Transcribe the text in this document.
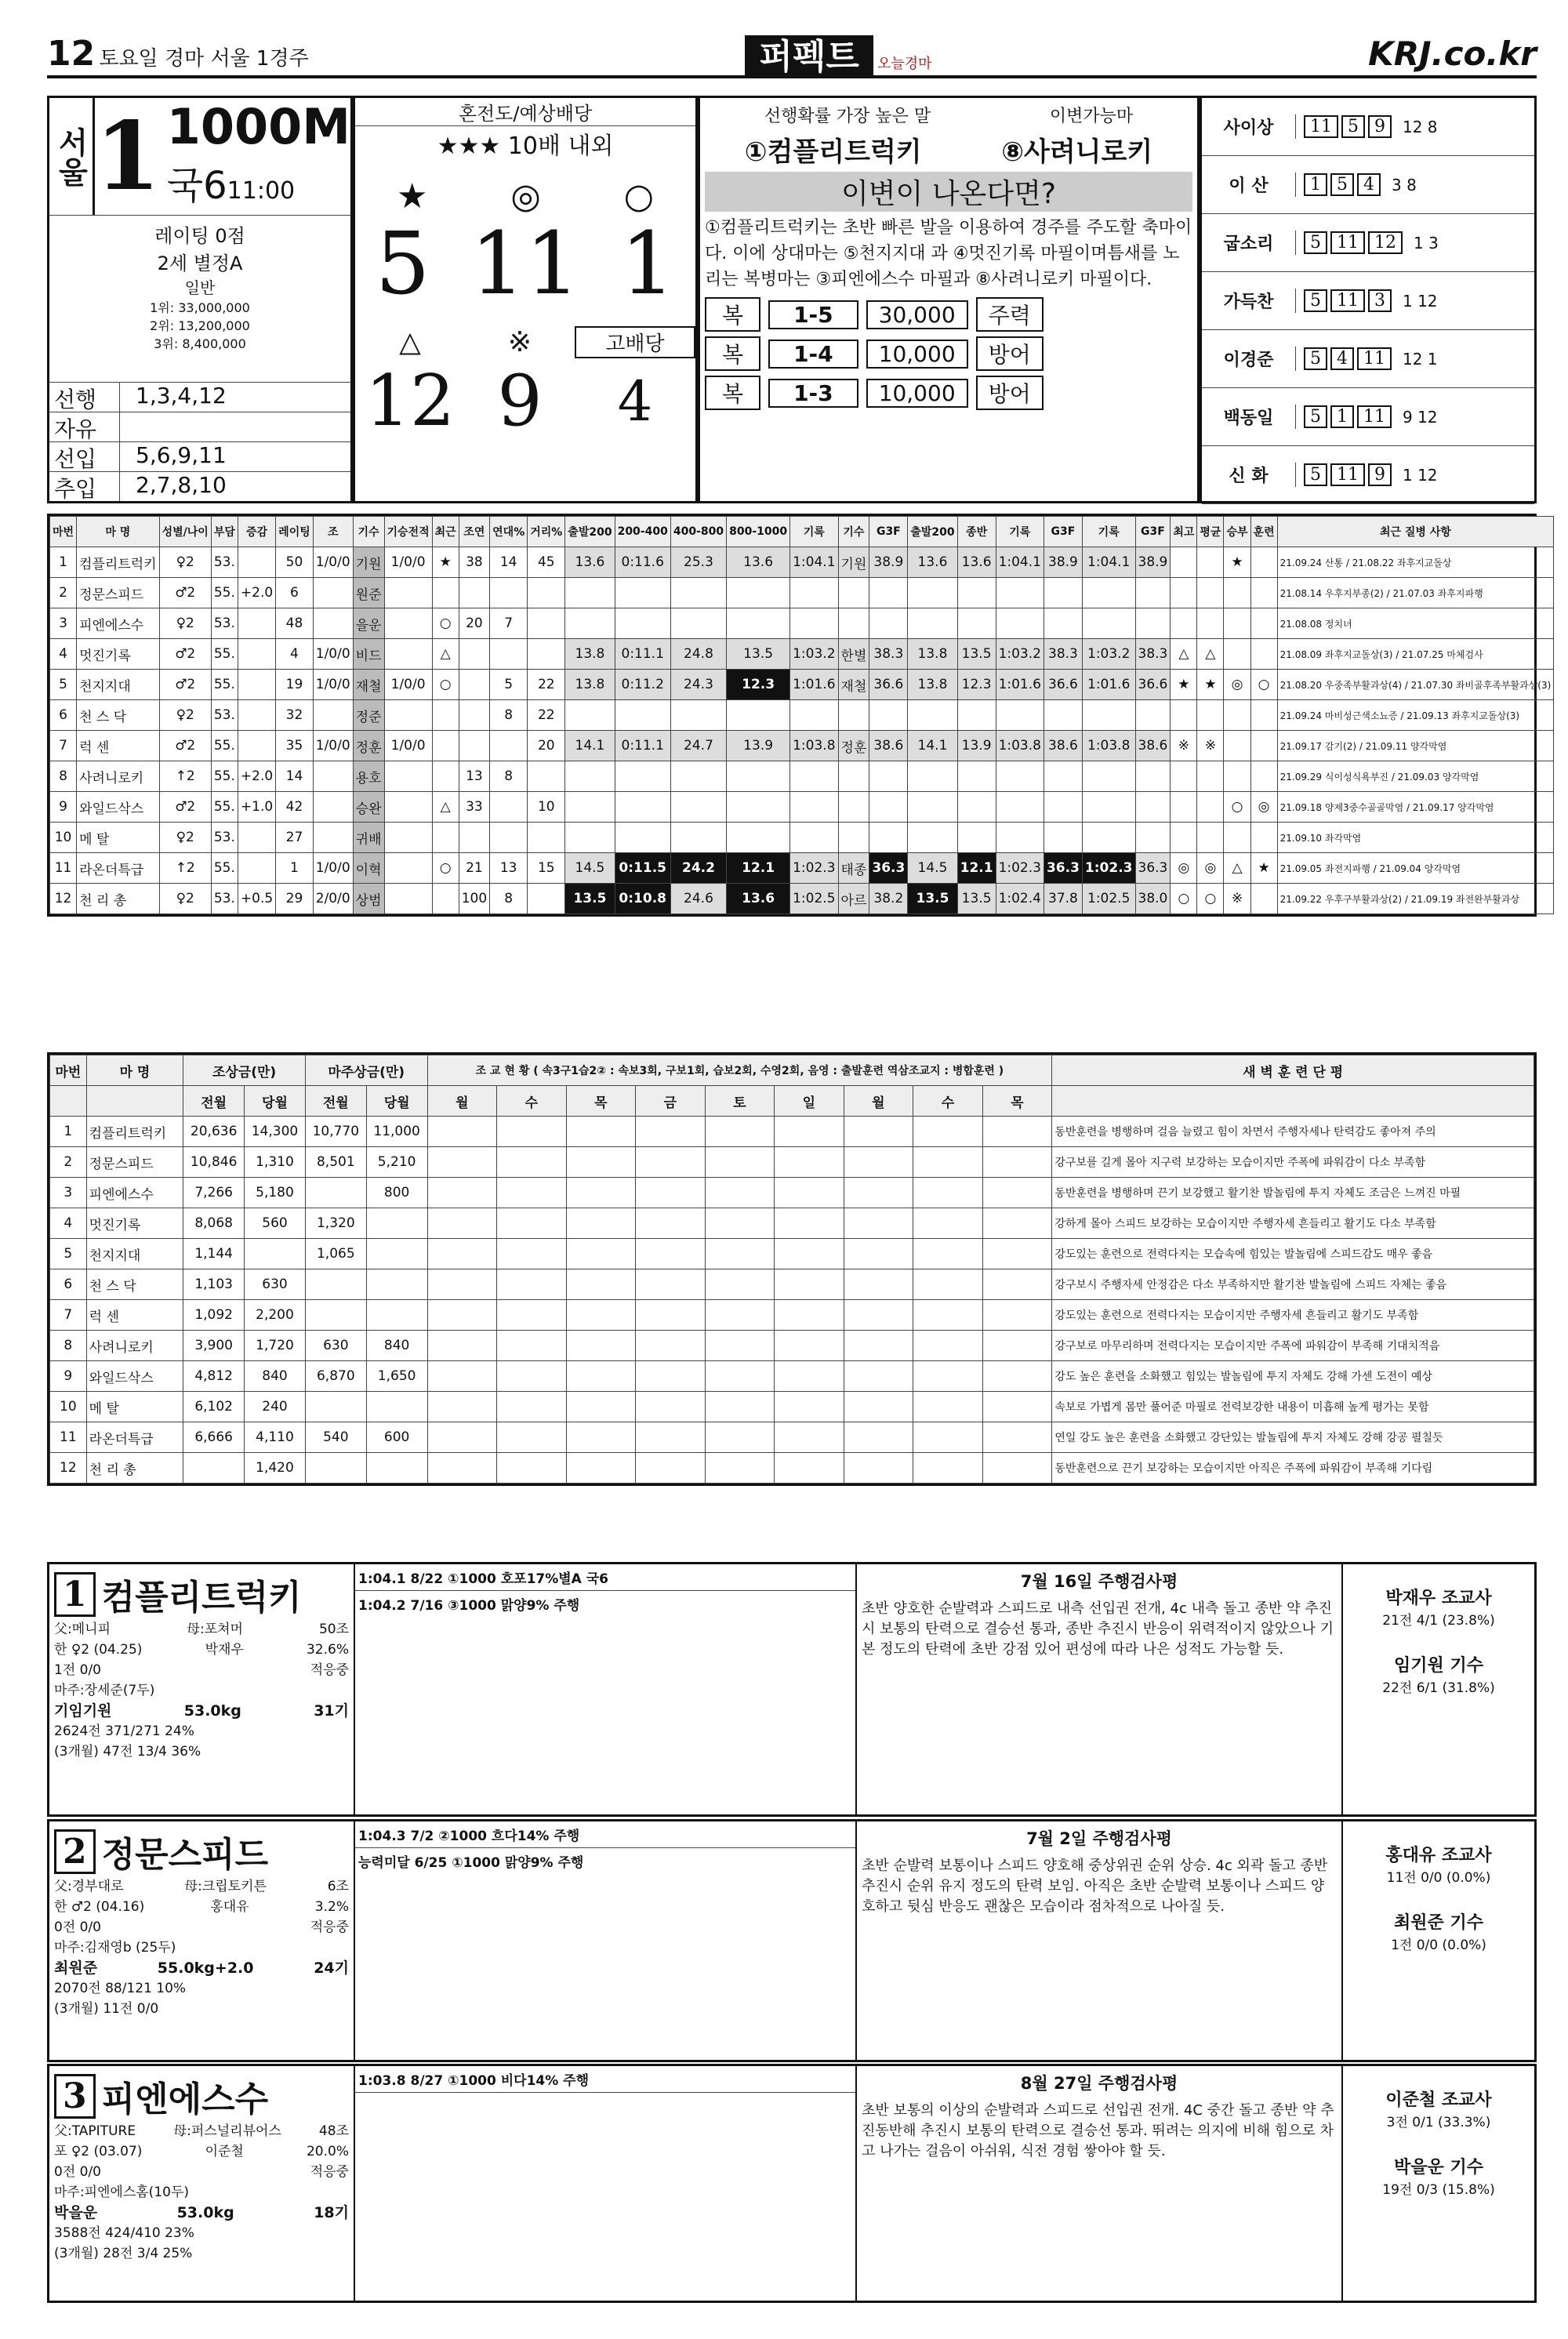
12 토요일 경마 서울 1경주	퍼펙트 오늘경마	KRJ.co.kr
서울 1 1000M
국611:00
레이팅 0점
2세 별정A
일반
1위: 33,000,000
2위: 13,200,000
3위: 8,400,000
선행	1,3,4,12
자유
선입	5,6,9,11
추입	2,7,8,10
혼전도/예상배당
★★★ 10배 내외
★ ◎ ○
5 11 1
△	※	고배당
12 9	4
선행확률 가장 높은 말	이변가능마
①컴플리트럭키	⑧사려니로키
이변이 나온다면?
①컴플리트럭키는 초반 빠른 발을 이용하여 경주를 주도할 축마이다. 이에 상대마는 ⑤천지지대 과 ④멋진기록 마필이며틈새를 노리는 복병마는 ③피엔에스수 마필과 ⑧사려니로키 마필이다.
복	1-5	30,000	주력
복	1-4	10,000	방어
복	1-3	10,000	방어
사이상	11 5 9	12 8
이 산	1 5 4	3 8
굽소리	5 11 12	1 3
가득찬	5 11 3	1 12
이경준	5 4 11	12 1
백동일	5 1 11	9 12
신 화	5 11 9	1 12
마번	마 명	성별/나이	부담	증감	레이팅	조	기수	기승전적	최근	조연	연대%	거리%	출발200	200-400	400-800	800-1000	기록	기수	G3F	출발200	종반	기록	G3F	기록	G3F	최고	평균	승부	훈련	최근 질병 사항
1	컴플리트럭키	♀2	53.		50	1/0/0	기원	1/0/0	★	38	14	45	13.6	0:11.6	25.3	13.6	1:04.1	기원	38.9	13.6	13.6	1:04.1	38.9	1:04.1	38.9			★		21.09.24 산통 / 21.08.22 좌후지교돌상
2	정문스피드	♂2	55.	+2.0	6		원준																							21.08.14 우후지부종(2) / 21.07.03 좌후지파행
3	피엔에스수	♀2	53.		48		을운		○	20	7																			21.08.08 정치녀
4	멋진기록	♂2	55.		4	1/0/0	비드		△				13.8	0:11.1	24.8	13.5	1:03.2	한별	38.3	13.8	13.5	1:03.2	38.3	1:03.2	38.3	△	△			21.08.09 좌후지교돌상(3) / 21.07.25 마체검사
5	천지지대	♂2	55.		19	1/0/0	재철	1/0/0	○		5	22	13.8	0:11.2	24.3	12.3	1:01.6	재철	36.6	13.8	12.3	1:01.6	36.6	1:01.6	36.6	★	★	◎	○	21.08.20 우중족부활과상(4) / 21.07.30 좌비골후족부활과상(3)
6	천 스 닥	♀2	53.		32		정준				8	22																		21.09.24 마비성근색소뇨증 / 21.09.13 좌후지교돌상(3)
7	럭 센	♂2	55.		35	1/0/0	정훈	1/0/0				20	14.1	0:11.1	24.7	13.9	1:03.8	정훈	38.6	14.1	13.9	1:03.8	38.6	1:03.8	38.6	※	※			21.09.17 감기(2) / 21.09.11 양각막염
8	사려니로키	↑2	55.	+2.0	14		용호			13	8																			21.09.29 식이성식욕부진 / 21.09.03 양각막염
9	와일드삭스	♂2	55.	+1.0	42		승완		△	33		10																○	◎	21.09.18 양제3중수골골막염 / 21.09.17 양각막염
10	메 탈	♀2	53.		27		귀배																							21.09.10 좌각막염
11	라온더특급	↑2	55.		1	1/0/0	이혁		○	21	13	15	14.5	0:11.5	24.2	12.1	1:02.3	태종	36.3	14.5	12.1	1:02.3	36.3	1:02.3	36.3	◎	◎	△	★	21.09.05 좌전지파행 / 21.09.04 양각막염
12	천 리 총	♀2	53.	+0.5	29	2/0/0	상범			100	8		13.5	0:10.8	24.6	13.6	1:02.5	아르	38.2	13.5	13.5	1:02.4	37.8	1:02.5	38.0	○	○	※		21.09.22 우후구부활과상(2) / 21.09.19 좌전완부활과상
마번	마 명	조상금(만)		마주상금(만)		조 교 현 황 ( 속3구1습2② : 속보3회, 구보1회, 습보2회, 수영2회, 음영 : 출발훈련 역삼조교지 : 병합훈련 )									새 벽 훈 련 단 평
		전월	당월	전월	당월	월	수	목	금	토	일	월	수	목	
1	컴플리트럭키	20,636	14,300	10,770	11,000										동반훈련을 병행하며 걸음 늘렸고 힘이 차면서 주행자세나 탄력감도 좋아져 주의
2	정문스피드	10,846	1,310	8,501	5,210										강구보를 길게 몰아 지구력 보강하는 모습이지만 주폭에 파워감이 다소 부족함
3	피엔에스수	7,266	5,180		800										동반훈련을 병행하며 끈기 보강했고 활기찬 발놀림에 투지 자체도 조금은 느껴진 마필
4	멋진기록	8,068	560	1,320											강하게 몰아 스피드 보강하는 모습이지만 주행자세 흔들리고 활기도 다소 부족함
5	천지지대	1,144		1,065											강도있는 훈련으로 전력다지는 모습속에 힘있는 발놀림에 스피드감도 매우 좋음
6	천 스 닥	1,103	630												강구보시 주행자세 안정감은 다소 부족하지만 활기찬 발놀림에 스피드 자체는 좋음
7	럭 센	1,092	2,200												강도있는 훈련으로 전력다지는 모습이지만 주행자세 흔들리고 활기도 부족함
8	사려니로키	3,900	1,720	630	840										강구보로 마무리하며 전력다지는 모습이지만 주폭에 파워감이 부족해 기대치적음
9	와일드삭스	4,812	840	6,870	1,650										강도 높은 훈련을 소화했고 힘있는 발놀림에 투지 자체도 강해 가센 도전이 예상
10	메 탈	6,102	240												속보로 가볍게 몸만 풀어준 마필로 전력보강한 내용이 미흡해 높게 평가는 못함
11	라온더특급	6,666	4,110	540	600										연일 강도 높은 훈련을 소화했고 강단있는 발놀림에 투지 자체도 강해 강공 펼칠듯
12	천 리 총		1,420												동반훈련으로 끈기 보강하는 모습이지만 아직은 주폭에 파워감이 부족해 기다림
1 컴플리트럭키
父:메니피	母:포쳐머	50조
한 ♀2 (04.25)	박재우	32.6%
1전 0/0	적응중
마주:장세준(7두)
기임기원	53.0kg	31기
2624전 371/271 24%
(3개월) 47전 13/4 36%
1:04.1 8/22 ①1000 호포17%별A 국6
1:04.2 7/16 ③1000 맑양9% 주행
7월 16일 주행검사평
초반 양호한 순발력과 스피드로 내측 선입권 전개, 4c 내측 돌고 종반 약 추진시 보통의 탄력으로 결승선 통과, 종반 추진시 반응이 위력적이지 않았으나 기본 정도의 탄력에 초반 강점 있어 편성에 따라 나은 성적도 가능할 듯.
박재우 조교사
21전 4/1 (23.8%)
임기원 기수
22전 6/1 (31.8%)
2 정문스피드
父:경부대로	母:크립토키튼	6조
한 ♂2 (04.16)	홍대유	3.2%
0전 0/0	적응중
마주:김재영b (25두)
최원준	55.0kg+2.0	24기
2070전 88/121 10%
(3개월) 11전 0/0
1:04.3 7/2 ②1000 흐다14% 주행
능력미달 6/25 ①1000 맑양9% 주행
7월 2일 주행검사평
초반 순발력 보통이나 스피드 양호해 중상위권 순위 상승. 4c 외곽 돌고 종반 추진시 순위 유지 정도의 탄력 보임. 아직은 초반 순발력 보통이나 스피드 양호하고 뒷심 반응도 괜찮은 모습이라 점차적으로 나아질 듯.
홍대유 조교사
11전 0/0 (0.0%)
최원준 기수
1전 0/0 (0.0%)
3 피엔에스수
父:TAPITURE	母:퍼스널리뷰어스	48조
포 ♀2 (03.07)	이준철	20.0%
0전 0/0	적응중
마주:피엔에스홈(10두)
박을운	53.0kg	18기
3588전 424/410 23%
(3개월) 28전 3/4 25%
1:03.8 8/27 ①1000 비다14% 주행	8월 27일 주행검사평
초반 보통의 이상의 순발력과 스피드로 선입권 전개. 4C 중간 돌고 종반 약 추진동반해 추진시 보통의 탄력으로 결승선 통과. 뛰려는 의지에 비해 힘으로 차고 나가는 걸음이 아쉬워, 식전 경험 쌓아야 할 듯.
이준철 조교사
3전 0/1 (33.3%)
박을운 기수
19전 0/3 (15.8%)
